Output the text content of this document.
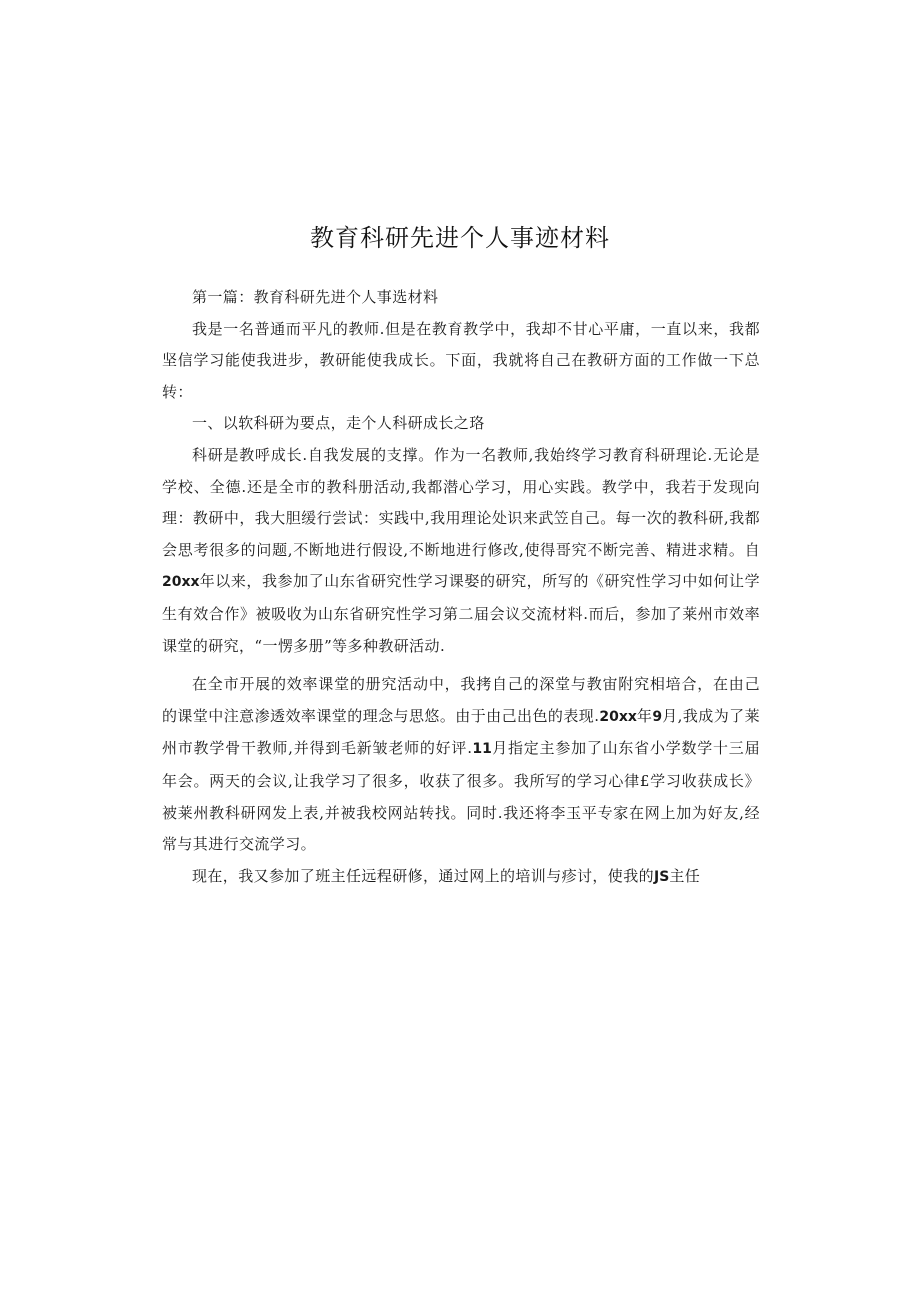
教育科研先进个人事迹材料

第一篇：教育科研先进个人事选材料

我是一名普通而平凡的教师.但是在教育教学中，我却不甘心平庸，一直以来，我都坚信学习能使我进步，教研能使我成长。下面，我就将自己在教研方面的工作做一下总转：

一、以软科研为要点，走个人科研成长之珞

科研是教呼成长.自我发展的支撑。作为一名教师,我始终学习教育科研理论.无论是学校、全德.还是全市的教科册活动,我都潜心学习，用心实践。教学中，我若于发现向理：教研中，我大胆缓行尝试：实践中,我用理论处识来武笠自己。每一次的教科研,我都会思考很多的问题,不断地进行假设,不断地进行修改,使得哥究不断完善、精进求精。自20xx年以来，我参加了山东省研究性学习课娶的研究，所写的《研究性学习中如何让学生有效合作》被吸收为山东省研究性学习第二届会议交流材料.而后，参加了莱州市效率课堂的研究，“一愣多册”等多种教研活动.

在全市开展的效率课堂的册究活动中，我拷自己的深堂与教宙附究相培合，在由己的课堂中注意渗透效率课堂的理念与思悠。由于由己出色的表现.20xx年9月,我成为了莱州市教学骨干教师,并得到毛新皱老师的好评.11月指定主参加了山东省小学数学十三届年会。两天的会议,让我学习了很多，收获了很多。我所写的学习心律£学习收获成长》被莱州教科研网发上表,并被我校网站转找。同时.我还将李玉平专家在网上加为好友,经常与其进行交流学习。

现在，我又参加了班主任远程研修，通过网上的培训与疹讨，使我的JS主任
